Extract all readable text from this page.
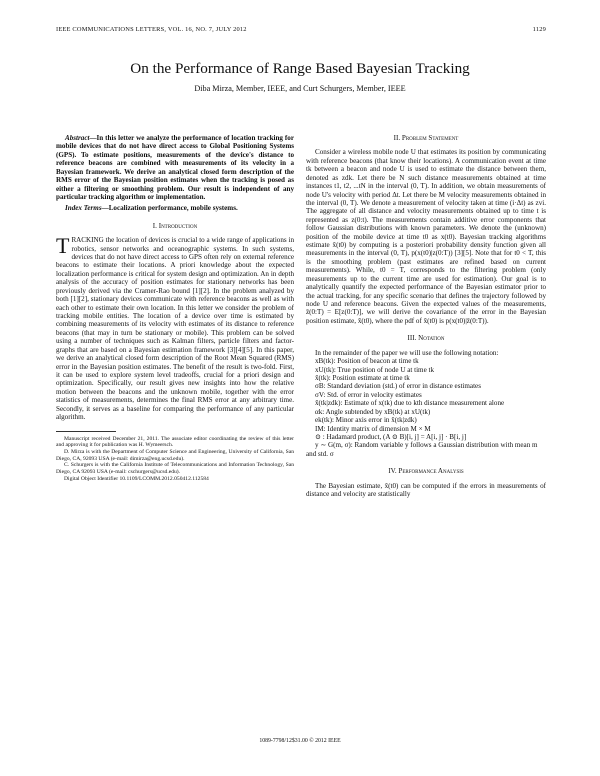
IEEE COMMUNICATIONS LETTERS, VOL. 16, NO. 7, JULY 2012	1129
On the Performance of Range Based Bayesian Tracking
Diba Mirza, Member, IEEE, and Curt Schurgers, Member, IEEE

Abstract—In this letter we analyze the performance of location tracking for mobile devices that do not have direct access to Global Positioning Systems (GPS). To estimate positions, measurements of the device's distance to reference beacons are combined with measurements of its velocity in a Bayesian framework. We derive an analytical closed form description of the RMS error of the Bayesian position estimates when the tracking is posed as either a filtering or smoothing problem. Our result is independent of any particular tracking algorithm or implementation.

Index Terms—Localization performance, mobile systems.

I. Introduction

TRACKING the location of devices is crucial to a wide range of applications in robotics, sensor networks and oceanographic systems. In such systems, devices that do not have direct access to GPS often rely on external reference beacons to estimate their locations. A priori knowledge about the expected localization performance is critical for system design and optimization. An in depth analysis of the accuracy of position estimates for stationary networks has been previously derived via the Cramer-Rao bound [1][2]. In the problem analyzed by both [1][2], stationary devices communicate with reference beacons as well as with each other to estimate their own location. In this letter we consider the problem of tracking mobile entities. The location of a device over time is estimated by combining measurements of its velocity with estimates of its distance to reference beacons (that may in turn be stationary or mobile). This problem can be solved using a number of techniques such as Kalman filters, particle filters and factor-graphs that are based on a Bayesian estimation framework [3][4][5]. In this paper, we derive an analytical closed form description of the Root Mean Squared (RMS) error in the Bayesian position estimates. The benefit of the result is two-fold. First, it can be used to explore system level tradeoffs, crucial for a priori design and optimization. Specifically, our result gives new insights into how the relative motion between the beacons and the unknown mobile, together with the error statistics of measurements, determines the final RMS error at any arbitrary time. Secondly, it serves as a baseline for comparing the performance of any particular algorithm.

Manuscript received December 21, 2011. The associate editor coordinating the review of this letter and approving it for publication was H. Wymeersch.

D. Mirza is with the Department of Computer Science and Engineering, University of California, San Diego, CA, 92093 USA (e-mail: dimirza@eng.ucsd.edu).

C. Schurgers is with the California Institute of Telecommunications and Information Technology, San Diego, CA 92093 USA (e-mail: cschurgers@ucsd.edu).

Digital Object Identifier 10.1109/LCOMM.2012.050412.112584

II. Problem Statement

Consider a wireless mobile node U that estimates its position by communicating with reference beacons (that know their locations). A communication event at time tk between a beacon and node U is used to estimate the distance between them, denoted as zdk. Let there be N such distance measurements obtained at time instances t1, t2, ...tN in the interval (0, T). In addition, we obtain measurements of node U's velocity with period Δt. Let there be M velocity measurements obtained in the interval (0, T). We denote a measurement of velocity taken at time (i·Δt) as zvi. The aggregate of all distance and velocity measurements obtained up to time t is represented as z(0:t). The measurements contain additive error components that follow Gaussian distributions with known parameters. We denote the (unknown) position of the mobile device at time t0 as x(t0). Bayesian tracking algorithms estimate x̂(t0) by computing is a posteriori probability density function given all measurements in the interval (0, T), p(x(t0)|z(0:T)) [3][5]. Note that for t0 < T, this is the smoothing problem (past estimates are refined based on current measurements). While, t0 = T, corresponds to the filtering problem (only measurements up to the current time are used for estimation). Our goal is to analytically quantify the expected performance of the Bayesian estimator prior to the actual tracking, for any specific scenario that defines the trajectory followed by node U and reference beacons. Given the expected values of the measurements, z̄(0:T) = E[z(0:T)], we will derive the covariance of the error in the Bayesian position estimate, x̂(t0), where the pdf of x̂(t0) is p(x(t0)|z̄(0:T)).

III. Notation

In the remainder of the paper we will use the following notation:

xB(tk): Position of beacon at time tk

xU(tk): True position of node U at time tk

x̂(tk): Position estimate at time tk

σB: Standard deviation (std.) of error in distance estimates

σV: Std. of error in velocity estimates

x̂(tk|zdk): Estimate of x(tk) due to kth distance measurement alone

αk: Angle subtended by xB(tk) at xU(tk)

ek(tk): Minor axis error in x̂(tk|zdk)

IM: Identity matrix of dimension M × M

⊙ : Hadamard product, (A ⊙ B)[i, j] = A[i, j] · B[i, j]

y ∼ G(m, σ): Random variable y follows a Gaussian distribution with mean m and std. σ

IV. Performance Analysis

The Bayesian estimate, x̂(t0) can be computed if the errors in measurements of distance and velocity are statistically

1089-7798/12$31.00 © 2012 IEEE
